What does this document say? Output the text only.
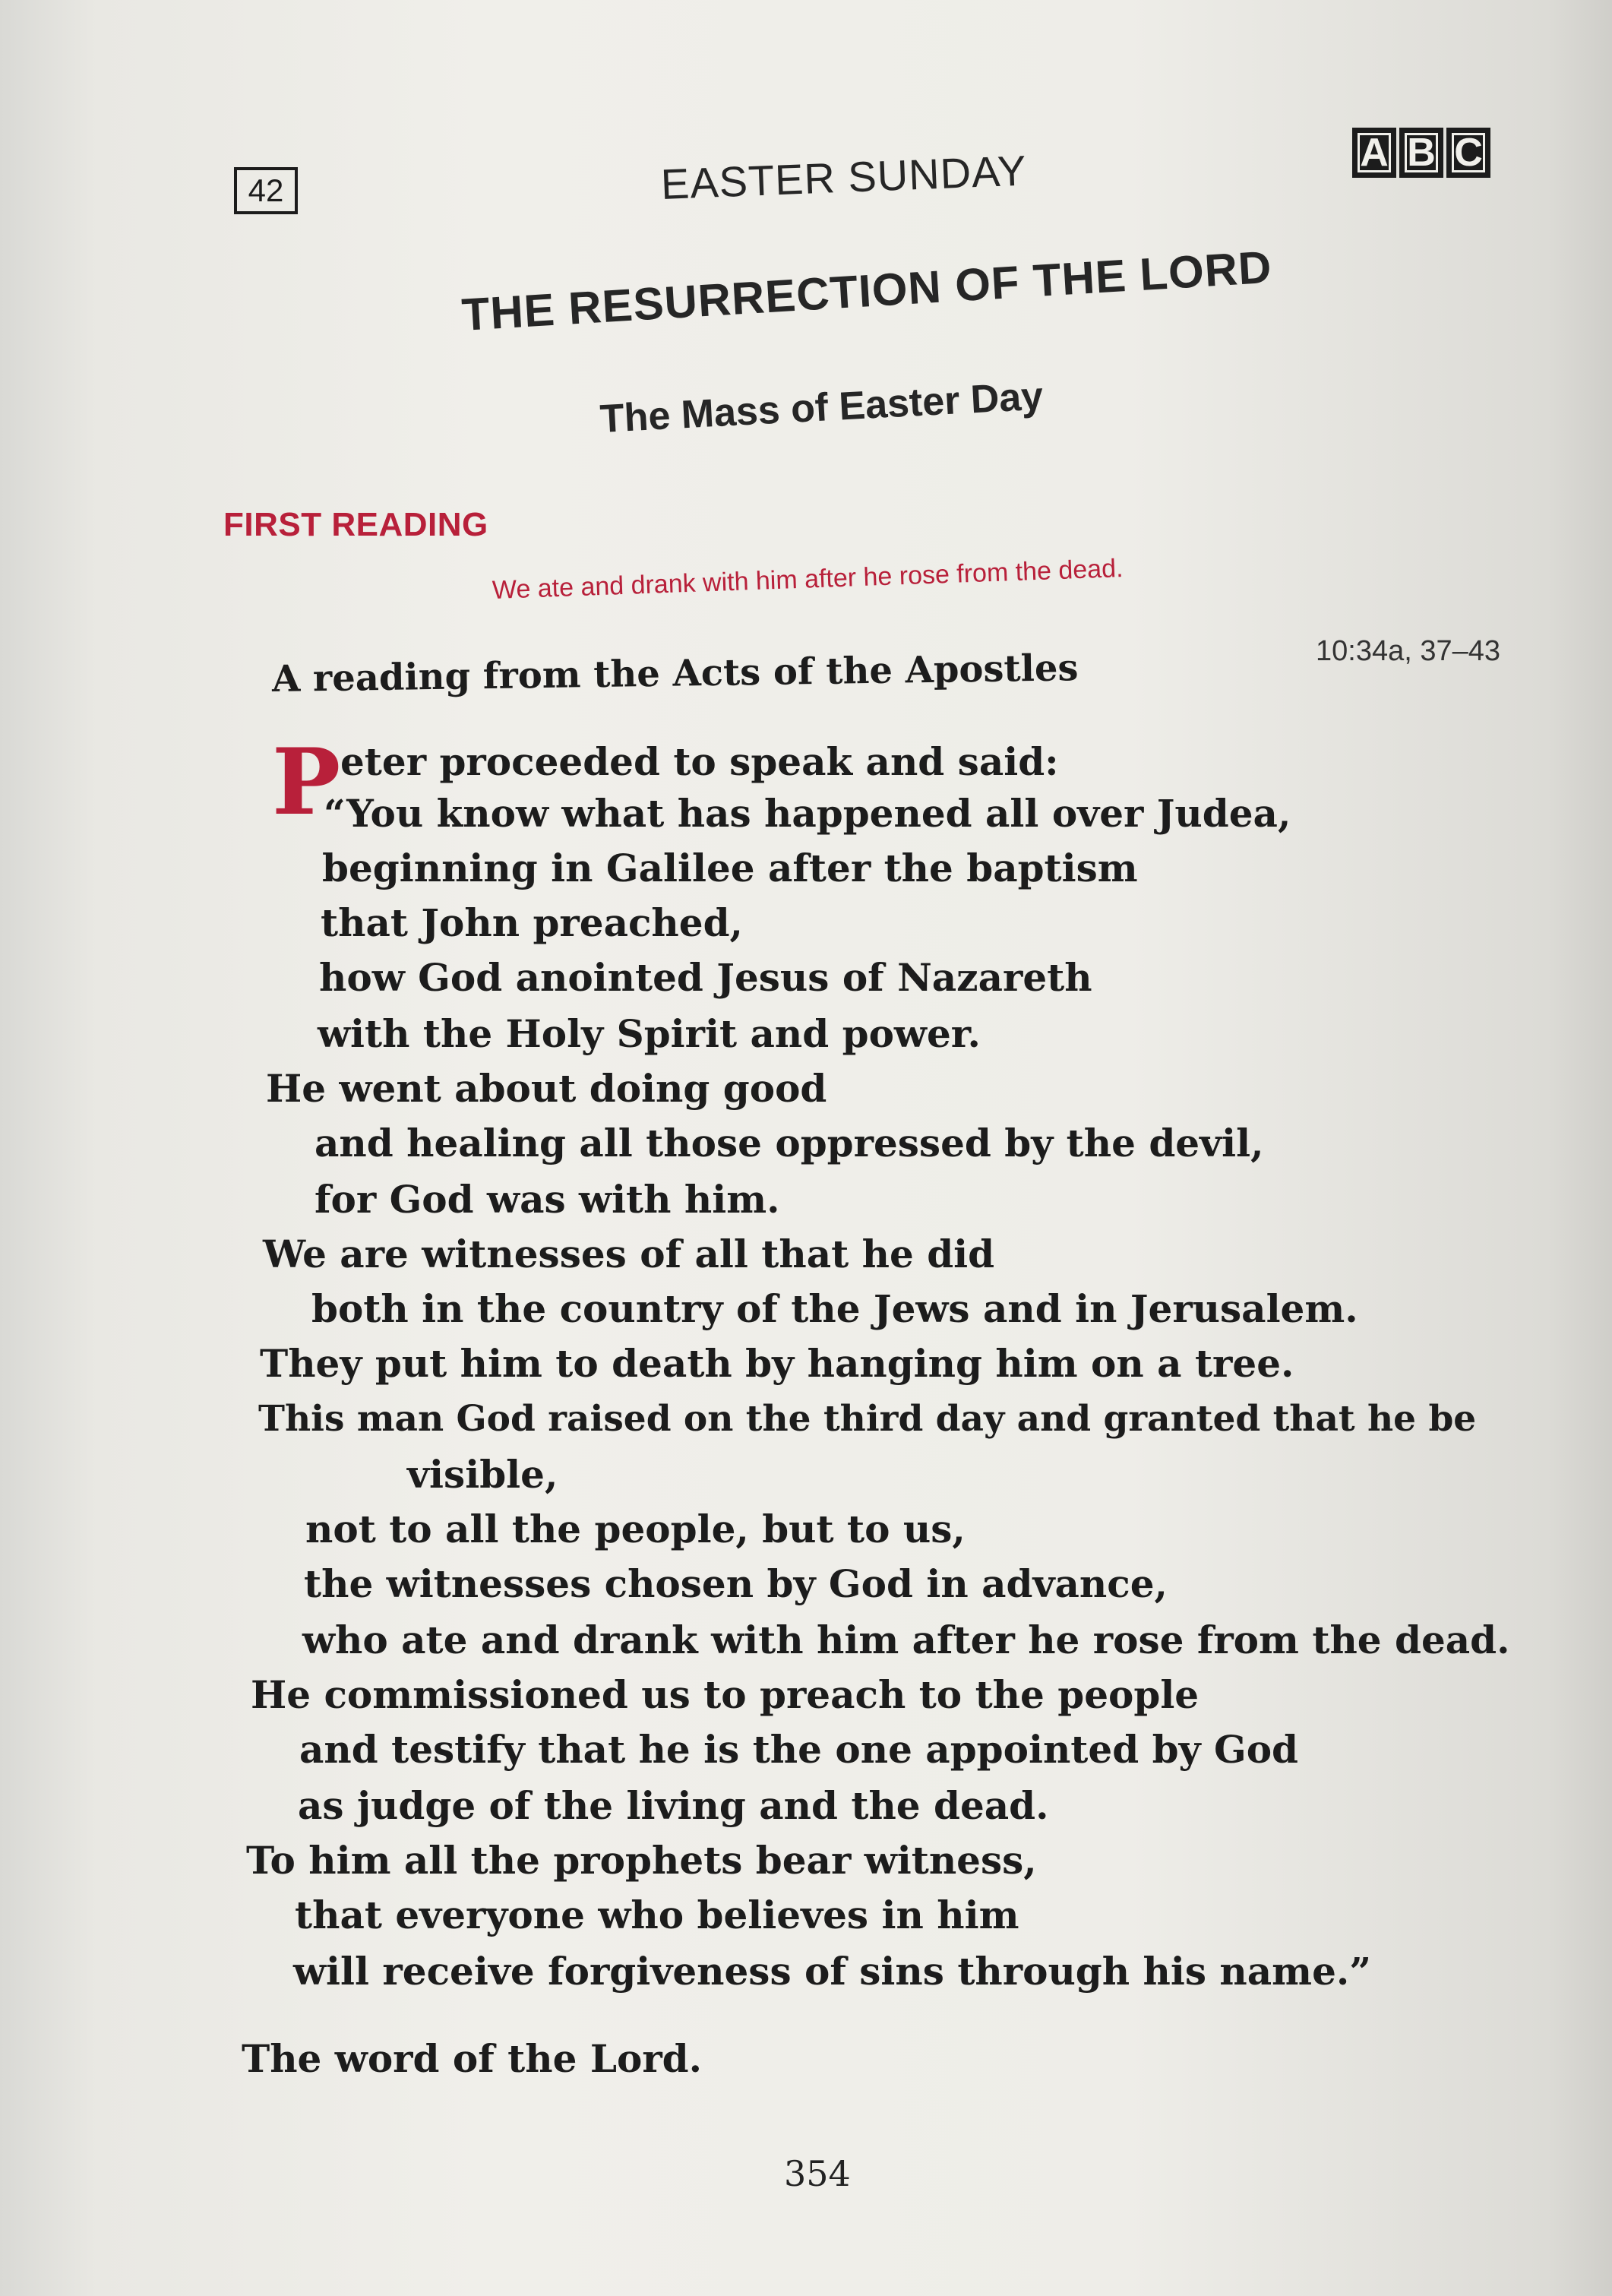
42
A B C
EASTER SUNDAY
THE RESURRECTION OF THE LORD
The Mass of Easter Day
FIRST READING
We ate and drank with him after he rose from the dead.
10:34a, 37–43
A reading from the Acts of the Apostles
P eter proceeded to speak and said:
“You know what has happened all over Judea,
beginning in Galilee after the baptism
that John preached,
how God anointed Jesus of Nazareth
with the Holy Spirit and power.
He went about doing good
and healing all those oppressed by the devil,
for God was with him.
We are witnesses of all that he did
both in the country of the Jews and in Jerusalem.
They put him to death by hanging him on a tree.
This man God raised on the third day and granted that he be
visible,
not to all the people, but to us,
the witnesses chosen by God in advance,
who ate and drank with him after he rose from the dead.
He commissioned us to preach to the people
and testify that he is the one appointed by God
as judge of the living and the dead.
To him all the prophets bear witness,
that everyone who believes in him
will receive forgiveness of sins through his name.”
The word of the Lord.
354
